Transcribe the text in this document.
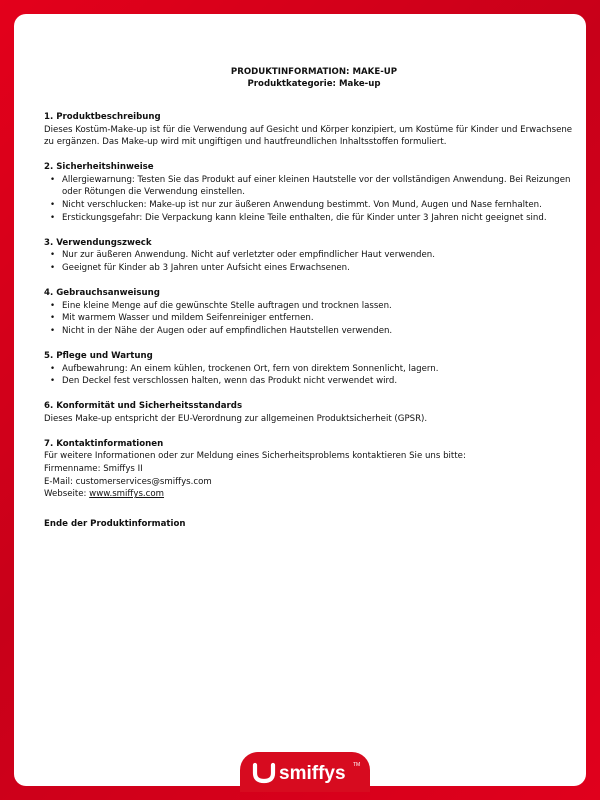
PRODUKTINFORMATION: MAKE-UP
Produktkategorie: Make-up
1. Produktbeschreibung
Dieses Kostüm-Make-up ist für die Verwendung auf Gesicht und Körper konzipiert, um Kostüme für Kinder und Erwachsene zu ergänzen. Das Make-up wird mit ungiftigen und hautfreundlichen Inhaltsstoffen formuliert.
2. Sicherheitshinweise
• Allergiewarnung: Testen Sie das Produkt auf einer kleinen Hautstelle vor der vollständigen Anwendung. Bei Reizungen oder Rötungen die Verwendung einstellen.
• Nicht verschlucken: Make-up ist nur zur äußeren Anwendung bestimmt. Von Mund, Augen und Nase fernhalten.
• Erstickungsgefahr: Die Verpackung kann kleine Teile enthalten, die für Kinder unter 3 Jahren nicht geeignet sind.
3. Verwendungszweck
• Nur zur äußeren Anwendung. Nicht auf verletzter oder empfindlicher Haut verwenden.
• Geeignet für Kinder ab 3 Jahren unter Aufsicht eines Erwachsenen.
4. Gebrauchsanweisung
• Eine kleine Menge auf die gewünschte Stelle auftragen und trocknen lassen.
• Mit warmem Wasser und mildem Seifenreiniger entfernen.
• Nicht in der Nähe der Augen oder auf empfindlichen Hautstellen verwenden.
5. Pflege und Wartung
• Aufbewahrung: An einem kühlen, trockenen Ort, fern von direktem Sonnenlicht, lagern.
• Den Deckel fest verschlossen halten, wenn das Produkt nicht verwendet wird.
6. Konformität und Sicherheitsstandards
Dieses Make-up entspricht der EU-Verordnung zur allgemeinen Produktsicherheit (GPSR).
7. Kontaktinformationen
Für weitere Informationen oder zur Meldung eines Sicherheitsproblems kontaktieren Sie uns bitte:
Firmenname: Smiffys II
E-Mail: customerservices@smiffys.com
Webseite: www.smiffys.com
Ende der Produktinformation
smiffys TM
